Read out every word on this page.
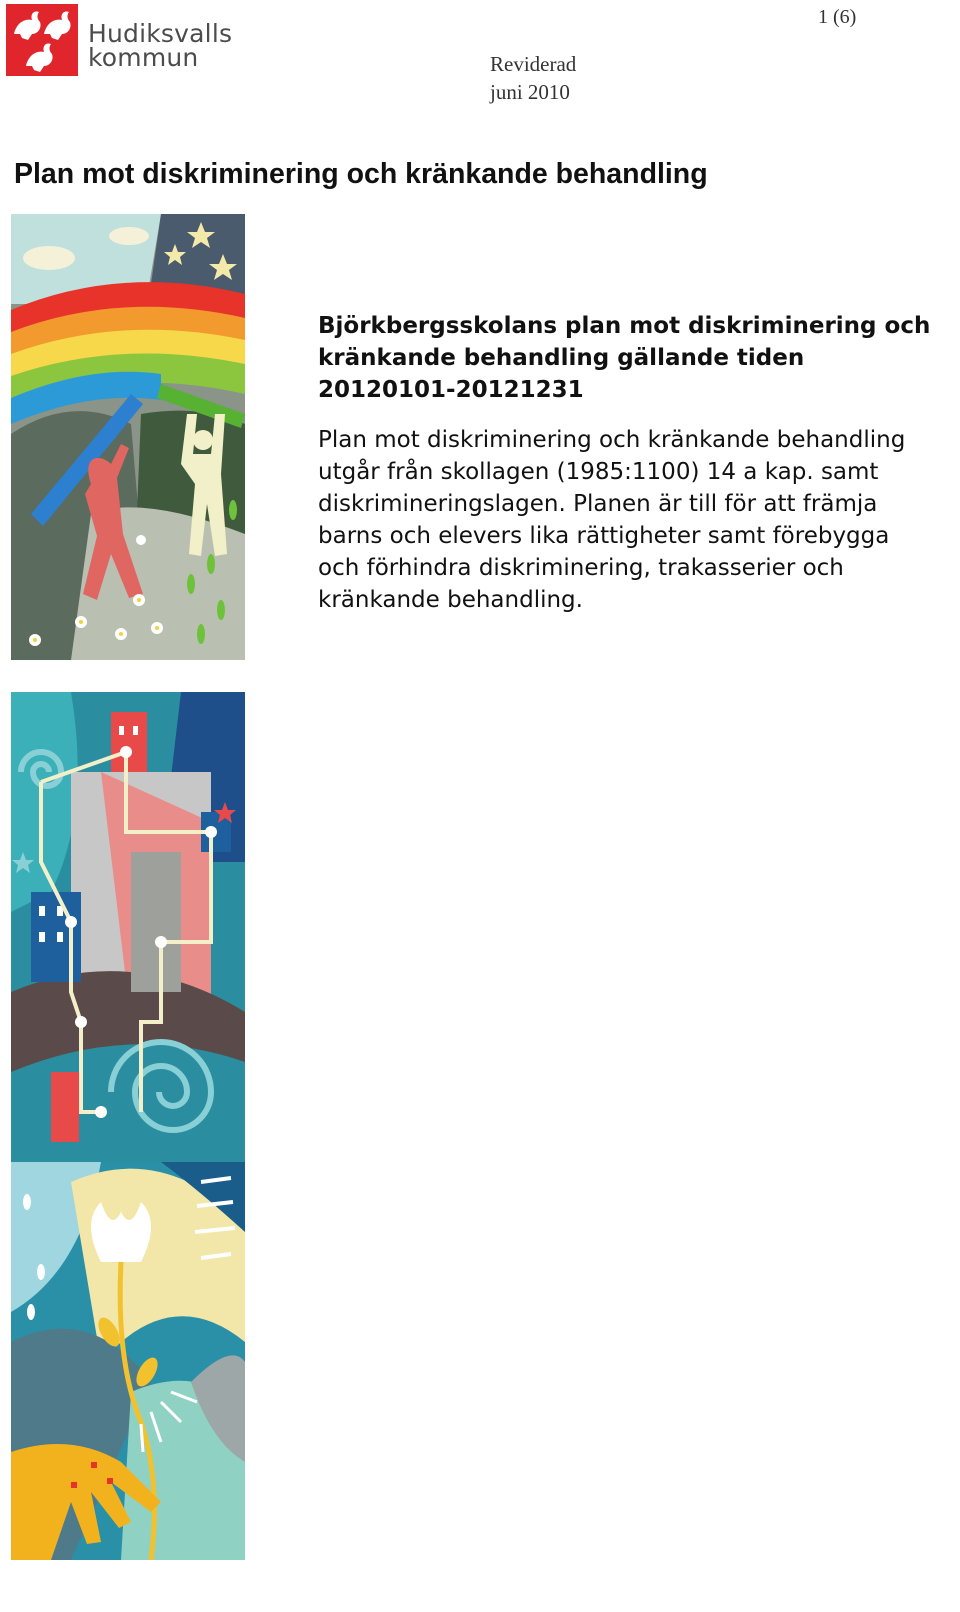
Hudiksvalls
kommun
1 (6)
Reviderad
juni 2010
Plan mot diskriminering och kränkande behandling
Björkbergsskolans plan mot diskriminering och kränkande behandling gällande tiden 20120101-20121231

Plan mot diskriminering och kränkande behandling utgår från skollagen (1985:1100) 14 a kap. samt diskrimineringslagen. Planen är till för att främja barns och elevers lika rättigheter samt förebygga och förhindra diskriminering, trakasserier och kränkande behandling.
